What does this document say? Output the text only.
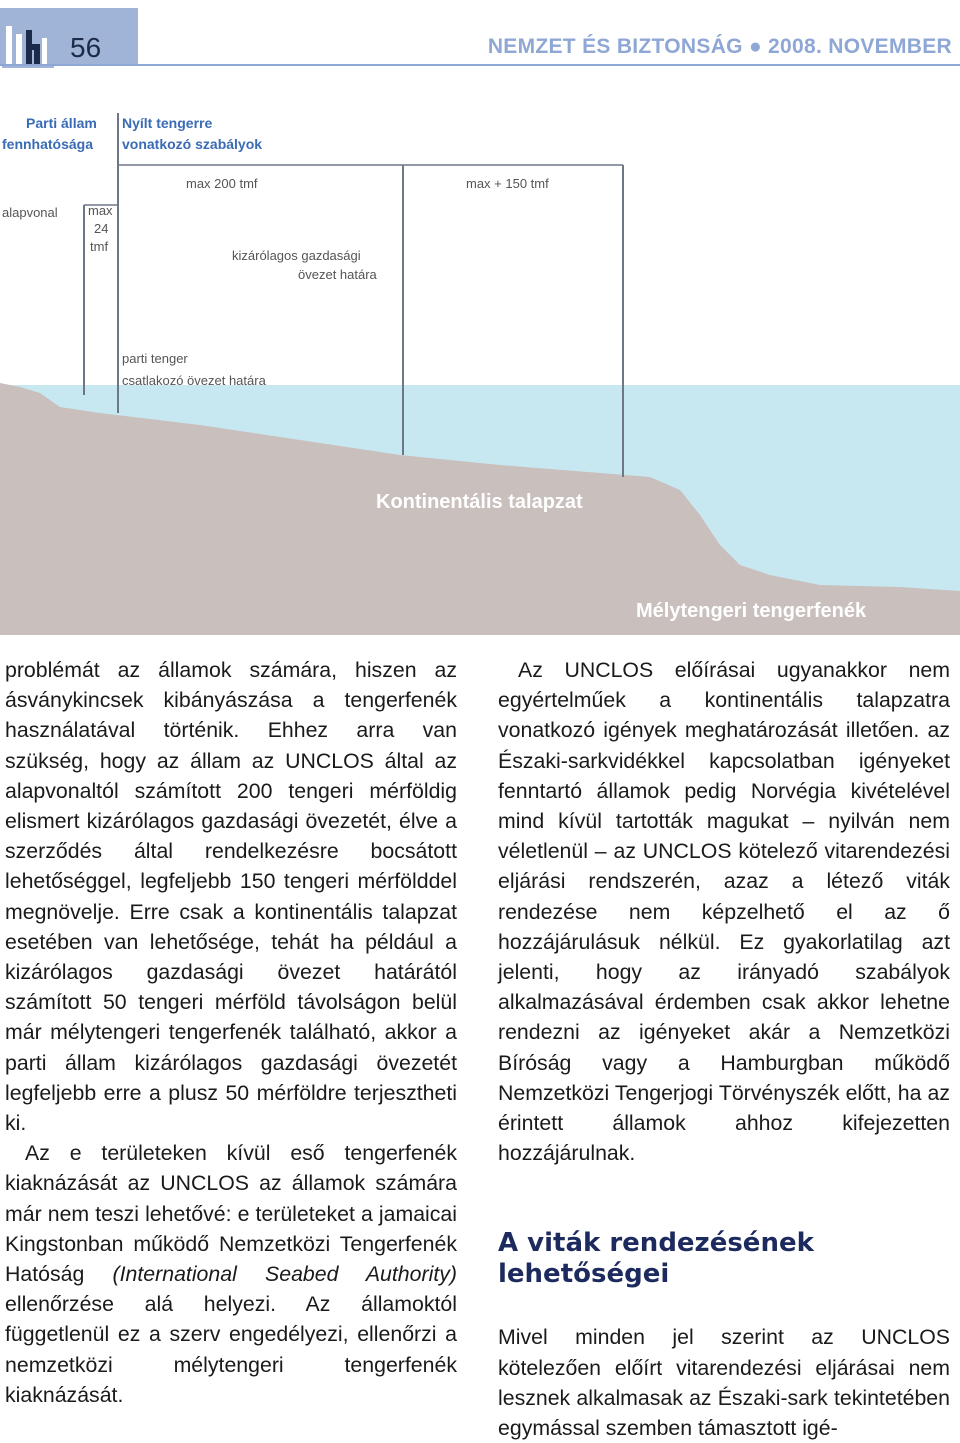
56	NEMZET ÉS BIZTONSÁG ● 2008. NOVEMBER
Parti állam
fennhatósága
Nyílt tengerre
vonatkozó szabályok
max 200 tmf	max + 150 tmf
alapvonal max
24
tmf
kizárólagos gazdasági
övezet határa
parti tenger
csatlakozó övezet határa
Kontinentális talapzat
Mélytengeri tengerfenék

problémát az államok számára, hiszen az ásványkincsek kibányászása a tengerfenék használatával történik. Ehhez arra van szükség, hogy az állam az UNCLOS által az alapvonaltól számított 200 tengeri mérföldig elismert kizárólagos gazdasági övezetét, élve a szerződés által rendelkezésre bocsátott lehetőséggel, legfeljebb 150 tengeri mérfölddel megnövelje. Erre csak a kontinentális talapzat esetében van lehetősége, tehát ha például a kizárólagos gazdasági övezet határától számított 50 tengeri mérföld távolságon belül már mélytengeri tengerfenék található, akkor a parti állam kizárólagos gazdasági övezetét legfeljebb erre a plusz 50 mérföldre terjesztheti ki.

Az e területeken kívül eső tengerfenék kiaknázását az UNCLOS az államok számára már nem teszi lehetővé: e területeket a jamaicai Kingstonban működő Nemzetközi Tengerfenék Hatóság (International Seabed Authority) ellenőrzése alá helyezi. Az államoktól függetlenül ez a szerv engedélyezi, ellenőrzi a nemzetközi mélytengeri tengerfenék kiaknázását.

Az UNCLOS előírásai ugyanakkor nem egyértelműek a kontinentális talapzatra vonatkozó igények meghatározását illetően. az Északi-sarkvidékkel kapcsolatban igényeket fenntartó államok pedig Norvégia kivételével mind kívül tartották magukat – nyilván nem véletlenül – az UNCLOS kötelező vitarendezési eljárási rendszerén, azaz a létező viták rendezése nem képzelhető el az ő hozzájárulásuk nélkül. Ez gyakorlatilag azt jelenti, hogy az irányadó szabályok alkalmazásával érdemben csak akkor lehetne rendezni az igényeket akár a Nemzetközi Bíróság vagy a Hamburgban működő Nemzetközi Tengerjogi Törvényszék előtt, ha az érintett államok ahhoz kifejezetten hozzájárulnak.

A viták rendezésének lehetőségei

Mivel minden jel szerint az UNCLOS kötelezően előírt vitarendezési eljárásai nem lesznek alkalmasak az Északi-sark tekintetében egymással szemben támasztott igé-
